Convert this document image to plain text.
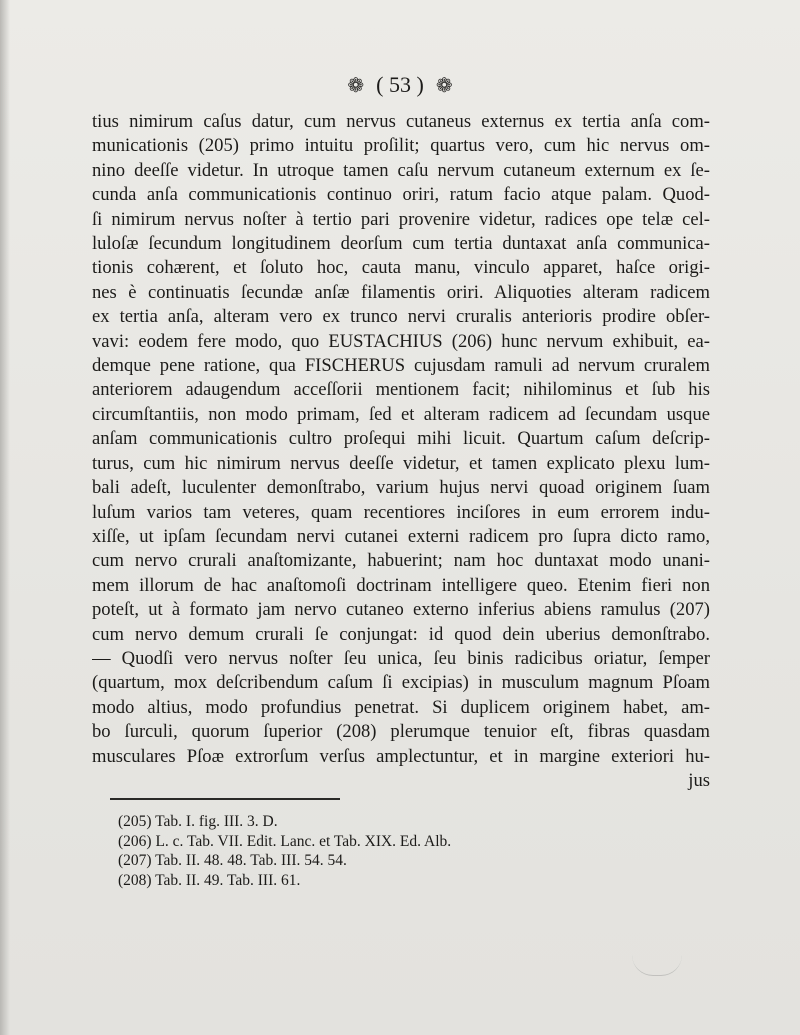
❁ ( 53 ) ❁
tius nimirum caſus datur, cum nervus cutaneus externus ex tertia anſa com-
municationis (205) primo intuitu proſilit; quartus vero, cum hic nervus om-
nino deeſſe videtur. In utroque tamen caſu nervum cutaneum externum ex ſe-
cunda anſa communicationis continuo oriri, ratum facio atque palam. Quod-
ſi nimirum nervus noſter à tertio pari provenire videtur, radices ope telæ cel-
luloſæ ſecundum longitudinem deorſum cum tertia duntaxat anſa communica-
tionis cohærent, et ſoluto hoc, cauta manu, vinculo apparet, haſce origi-
nes è continuatis ſecundæ anſæ filamentis oriri. Aliquoties alteram radicem
ex tertia anſa, alteram vero ex trunco nervi cruralis anterioris prodire obſer-
vavi: eodem fere modo, quo EUSTACHIUS (206) hunc nervum exhibuit, ea-
demque pene ratione, qua FISCHERUS cujusdam ramuli ad nervum cruralem
anteriorem adaugendum acceſſorii mentionem facit; nihilominus et ſub his
circumſtantiis, non modo primam, ſed et alteram radicem ad ſecundam usque
anſam communicationis cultro proſequi mihi licuit. Quartum caſum deſcrip-
turus, cum hic nimirum nervus deeſſe videtur, et tamen explicato plexu lum-
bali adeſt, luculenter demonſtrabo, varium hujus nervi quoad originem ſuam
luſum varios tam veteres, quam recentiores inciſores in eum errorem indu-
xiſſe, ut ipſam ſecundam nervi cutanei externi radicem pro ſupra dicto ramo,
cum nervo crurali anaſtomizante, habuerint; nam hoc duntaxat modo unani-
mem illorum de hac anaſtomoſi doctrinam intelligere queo. Etenim fieri non
poteſt, ut à formato jam nervo cutaneo externo inferius abiens ramulus (207)
cum nervo demum crurali ſe conjungat: id quod dein uberius demonſtrabo.
— Quodſi vero nervus noſter ſeu unica, ſeu binis radicibus oriatur, ſemper
(quartum, mox deſcribendum caſum ſi excipias) in musculum magnum Pſoam
modo altius, modo profundius penetrat. Si duplicem originem habet, am-
bo ſurculi, quorum ſuperior (208) plerumque tenuior eſt, fibras quasdam
musculares Pſoæ extrorſum verſus amplectuntur, et in margine exteriori hu-
jus
(205) Tab. I. fig. III. 3. D.
(206) L. c. Tab. VII. Edit. Lanc. et Tab. XIX. Ed. Alb.
(207) Tab. II. 48. 48. Tab. III. 54. 54.
(208) Tab. II. 49. Tab. III. 61.
